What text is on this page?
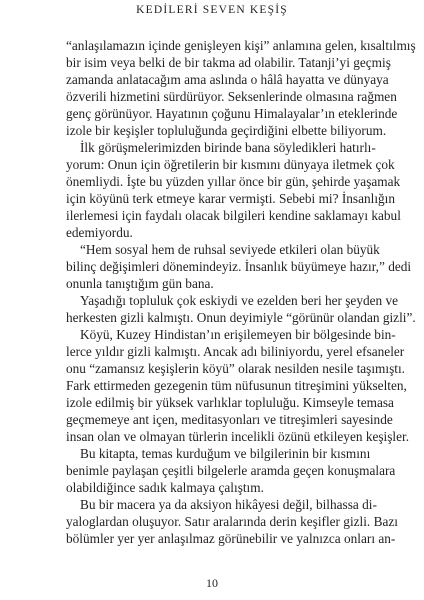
KEDİLERİ SEVEN KEŞİŞ
“anlaşılamazın içinde genişleyen kişi” anlamına gelen, kısaltılmış
bir isim veya belki de bir takma ad olabilir. Tatanji’yi geçmiş
zamanda anlatacağım ama aslında o hâlâ hayatta ve dünyaya
özverili hizmetini sürdürüyor. Seksenlerinde olmasına rağmen
genç görünüyor. Hayatının çoğunu Himalayalar’ın eteklerinde
izole bir keşişler topluluğunda geçirdiğini elbette biliyorum.
İlk görüşmelerimizden birinde bana söyledikleri hatırlı-
yorum: Onun için öğretilerin bir kısmını dünyaya iletmek çok
önemliydi. İşte bu yüzden yıllar önce bir gün, şehirde yaşamak
için köyünü terk etmeye karar vermişti. Sebebi mi? İnsanlığın
ilerlemesi için faydalı olacak bilgileri kendine saklamayı kabul
edemiyordu.
“Hem sosyal hem de ruhsal seviyede etkileri olan büyük
bilinç değişimleri dönemindeyiz. İnsanlık büyümeye hazır,” dedi
onunla tanıştığım gün bana.
Yaşadığı topluluk çok eskiydi ve ezelden beri her şeyden ve
herkesten gizli kalmıştı. Onun deyimiyle “görünür olandan gizli”.
Köyü, Kuzey Hindistan’ın erişilemeyen bir bölgesinde bin-
lerce yıldır gizli kalmıştı. Ancak adı biliniyordu, yerel efsaneler
onu “zamansız keşişlerin köyü” olarak nesilden nesile taşımıştı.
Fark ettirmeden gezegenin tüm nüfusunun titreşimini yükselten,
izole edilmiş bir yüksek varlıklar topluluğu. Kimseyle temasa
geçmemeye ant içen, meditasyonları ve titreşimleri sayesinde
insan olan ve olmayan türlerin incelikli özünü etkileyen keşişler.
Bu kitapta, temas kurduğum ve bilgilerinin bir kısmını
benimle paylaşan çeşitli bilgelerle aramda geçen konuşmalara
olabildiğince sadık kalmaya çalıştım.
Bu bir macera ya da aksiyon hikâyesi değil, bilhassa di-
yaloglardan oluşuyor. Satır aralarında derin keşifler gizli. Bazı
bölümler yer yer anlaşılmaz görünebilir ve yalnızca onları an-
10
